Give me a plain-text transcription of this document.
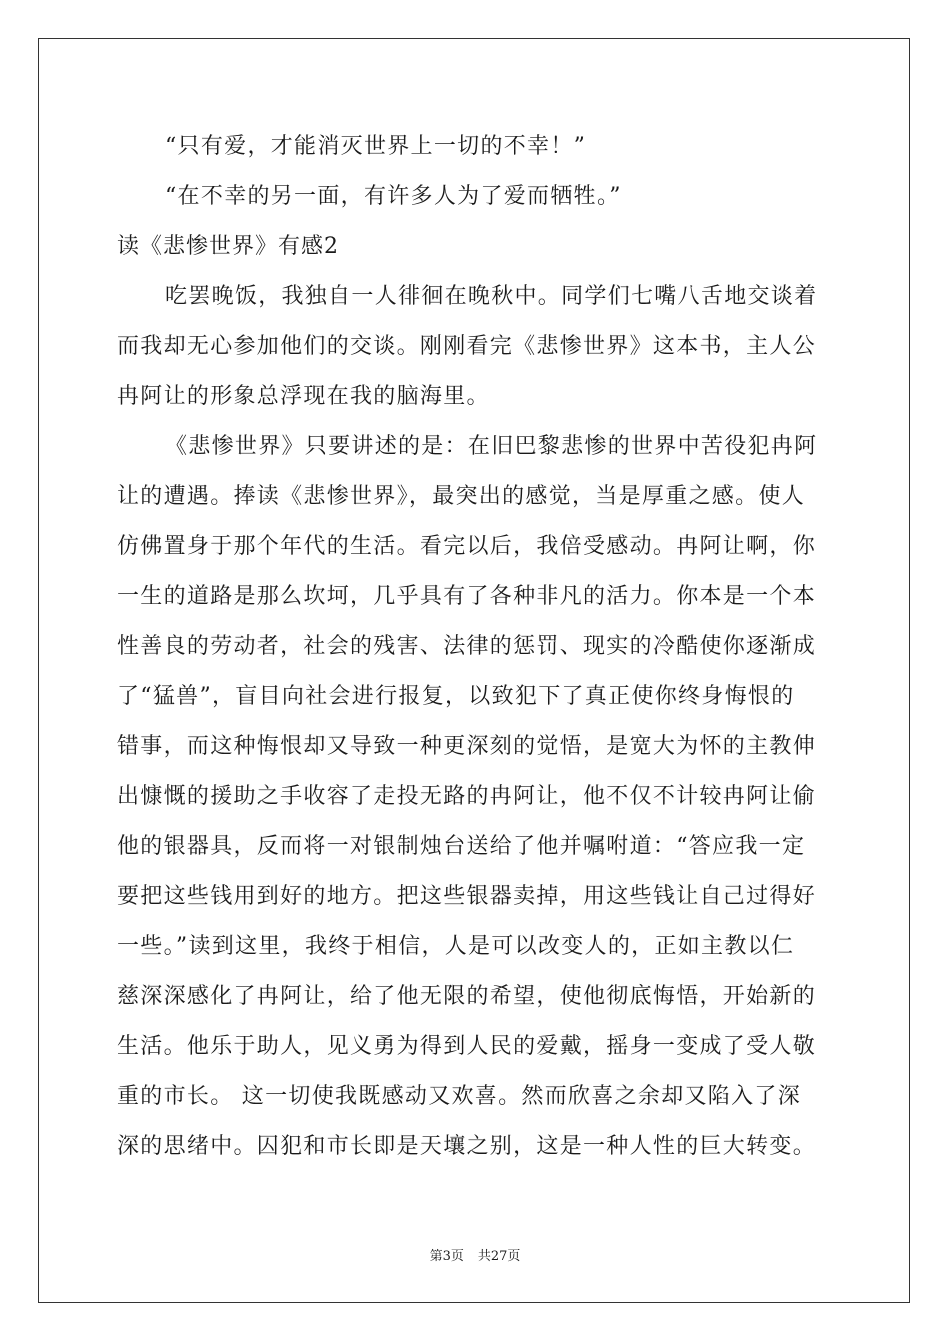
“只有爱，才能消灭世界上一切的不幸！”
“在不幸的另一面，有许多人为了爱而牺牲。”
读《悲惨世界》有感2
吃罢晚饭，我独自一人徘徊在晚秋中。同学们七嘴八舌地交谈着
而我却无心参加他们的交谈。刚刚看完《悲惨世界》这本书，主人公
冉阿让的形象总浮现在我的脑海里。
《悲惨世界》只要讲述的是：在旧巴黎悲惨的世界中苦役犯冉阿
让的遭遇。捧读《悲惨世界》，最突出的感觉，当是厚重之感。使人
仿佛置身于那个年代的生活。看完以后，我倍受感动。冉阿让啊，你
一生的道路是那么坎坷，几乎具有了各种非凡的活力。你本是一个本
性善良的劳动者，社会的残害、法律的惩罚、现实的冷酷使你逐渐成
了“猛兽”，盲目向社会进行报复，以致犯下了真正使你终身悔恨的
错事，而这种悔恨却又导致一种更深刻的觉悟，是宽大为怀的主教伸
出慷慨的援助之手收容了走投无路的冉阿让，他不仅不计较冉阿让偷
他的银器具，反而将一对银制烛台送给了他并嘱咐道：“答应我一定
要把这些钱用到好的地方。把这些银器卖掉，用这些钱让自己过得好
一些。”读到这里，我终于相信，人是可以改变人的，正如主教以仁
慈深深感化了冉阿让，给了他无限的希望，使他彻底悔悟，开始新的
生活。他乐于助人，见义勇为得到人民的爱戴，摇身一变成了受人敬
重的市长。 这一切使我既感动又欢喜。然而欣喜之余却又陷入了深
深的思绪中。囚犯和市长即是天壤之别，这是一种人性的巨大转变。
第3页 共27页
